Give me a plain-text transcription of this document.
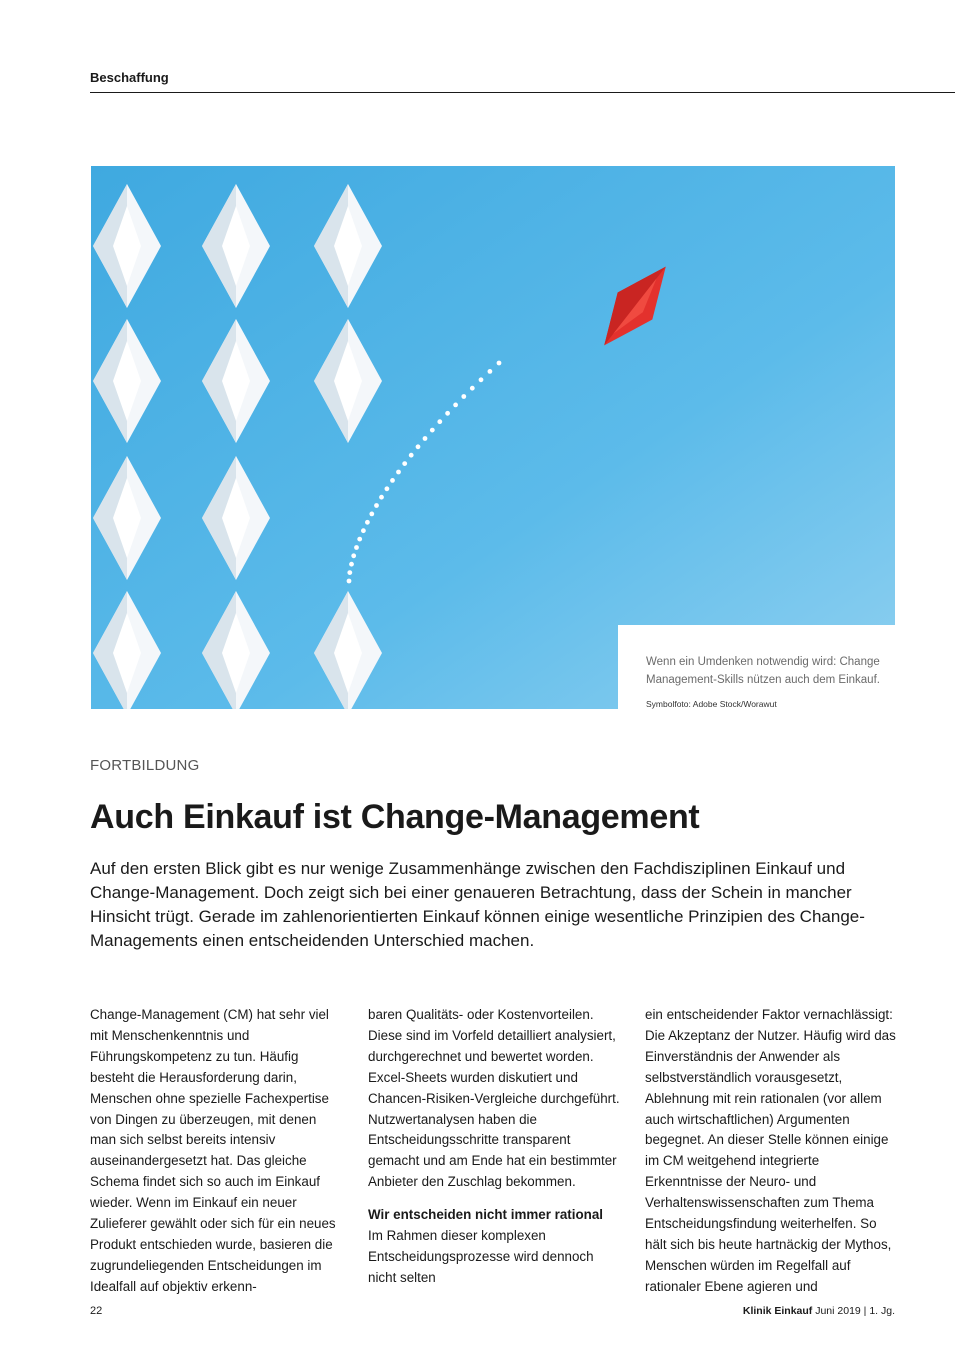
Beschaffung
Wenn ein Umdenken notwendig wird: Change Management-Skills nützen auch dem Einkauf.
Symbolfoto: Adobe Stock/Worawut
FORTBILDUNG
Auch Einkauf ist Change-Management

Auf den ersten Blick gibt es nur wenige Zusammenhänge zwischen den Fachdisziplinen Einkauf und Change-Management. Doch zeigt sich bei einer genaueren Betrachtung, dass der Schein in mancher Hinsicht trügt. Gerade im zahlenorientierten Einkauf können einige wesentliche Prinzipien des Change-Managements einen entscheidenden Unterschied machen.

Change-Management (CM) hat sehr viel mit Menschenkenntnis und Führungskompetenz zu tun. Häufig besteht die Herausforderung darin, Menschen ohne spezielle Fachexpertise von Dingen zu überzeugen, mit denen man sich selbst bereits intensiv auseinandergesetzt hat. Das gleiche Schema findet sich so auch im Einkauf wieder. Wenn im Einkauf ein neuer Zulieferer gewählt oder sich für ein neues Produkt entschieden wurde, basieren die zugrundeliegenden Entscheidungen im Idealfall auf objektiv erkenn-

baren Qualitäts- oder Kostenvorteilen. Diese sind im Vorfeld detailliert analysiert, durchgerechnet und bewertet worden. Excel-Sheets wurden diskutiert und Chancen-Risiken-Vergleiche durchgeführt. Nutzwertanalysen haben die Entscheidungsschritte transparent gemacht und am Ende hat ein bestimmter Anbieter den Zuschlag bekommen.

Wir entscheiden nicht immer rational

Im Rahmen dieser komplexen Entscheidungsprozesse wird dennoch nicht selten

ein entscheidender Faktor vernachlässigt: Die Akzeptanz der Nutzer. Häufig wird das Einverständnis der Anwender als selbstverständlich vorausgesetzt, Ablehnung mit rein rationalen (vor allem auch wirtschaftlichen) Argumenten begegnet. An dieser Stelle können einige im CM weitgehend integrierte Erkenntnisse der Neuro- und Verhaltenswissenschaften zum Thema Entscheidungsfindung weiterhelfen. So hält sich bis heute hartnäckig der Mythos, Menschen würden im Regelfall auf rationaler Ebene agieren und

22	Klinik Einkauf Juni 2019 | 1. Jg.
